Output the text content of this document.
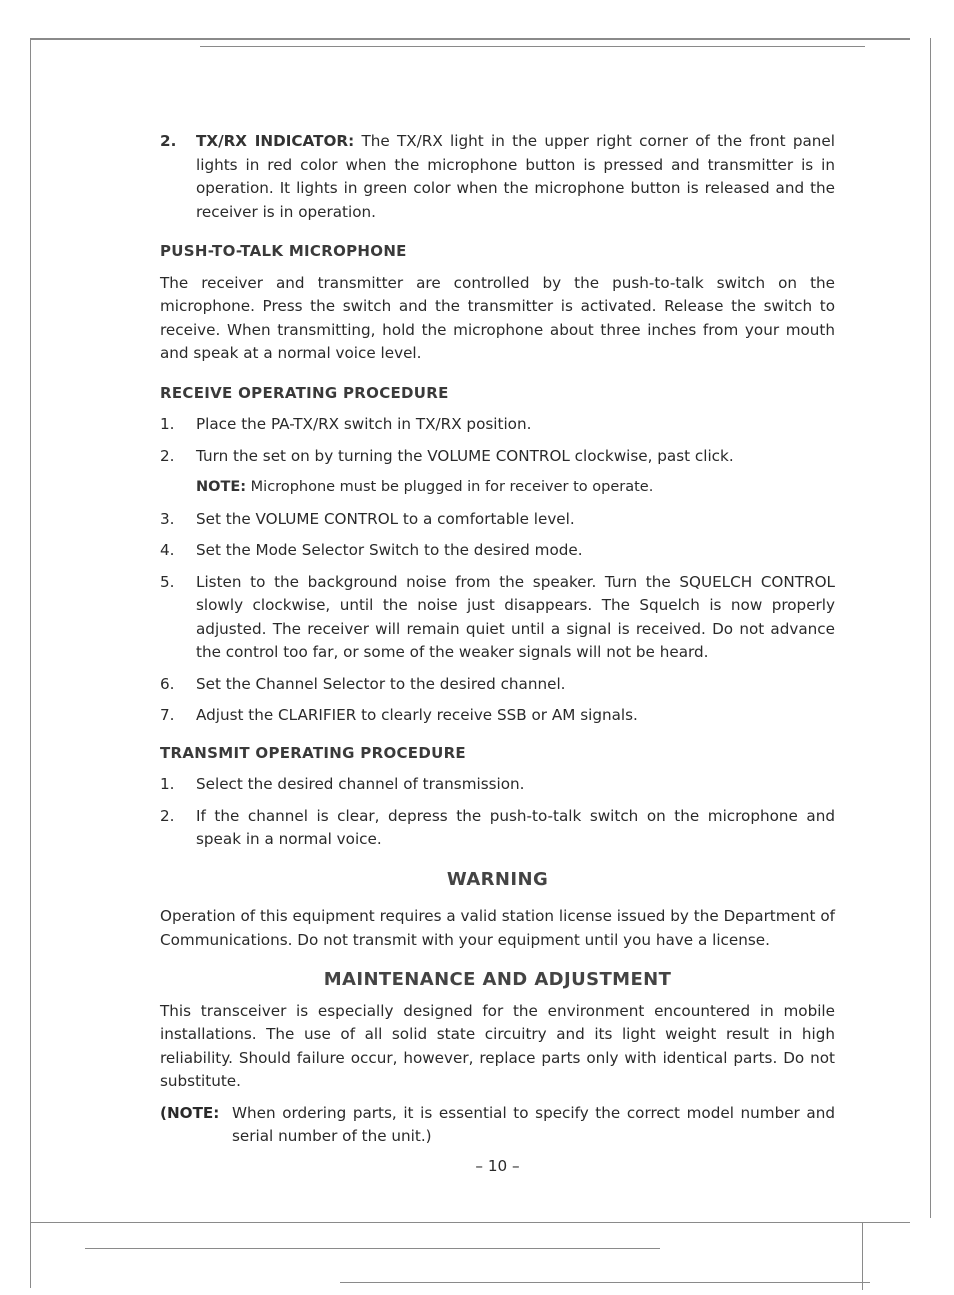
2.	TX/RX INDICATOR: The TX/RX light in the upper right corner of the front panel lights in red color when the microphone button is pressed and transmitter is in operation. It lights in green color when the microphone button is released and the receiver is in operation.
PUSH-TO-TALK MICROPHONE
The receiver and transmitter are controlled by the push-to-talk switch on the microphone. Press the switch and the transmitter is activated. Release the switch to receive. When transmitting, hold the microphone about three inches from your mouth and speak at a normal voice level.
RECEIVE OPERATING PROCEDURE
1.	Place the PA-TX/RX switch in TX/RX position.
2.	Turn the set on by turning the VOLUME CONTROL clockwise, past click.
NOTE: Microphone must be plugged in for receiver to operate.
3.	Set the VOLUME CONTROL to a comfortable level.
4.	Set the Mode Selector Switch to the desired mode.
5.	Listen to the background noise from the speaker. Turn the SQUELCH CONTROL slowly clockwise, until the noise just disappears. The Squelch is now properly adjusted. The receiver will remain quiet until a signal is received. Do not advance the control too far, or some of the weaker signals will not be heard.
6.	Set the Channel Selector to the desired channel.
7.	Adjust the CLARIFIER to clearly receive SSB or AM signals.
TRANSMIT OPERATING PROCEDURE
1.	Select the desired channel of transmission.
2.	If the channel is clear, depress the push-to-talk switch on the microphone and speak in a normal voice.
WARNING
Operation of this equipment requires a valid station license issued by the Department of Communications. Do not transmit with your equipment until you have a license.
MAINTENANCE AND ADJUSTMENT
This transceiver is especially designed for the environment encountered in mobile installations. The use of all solid state circuitry and its light weight result in high reliability. Should failure occur, however, replace parts only with identical parts. Do not substitute.
(NOTE: When ordering parts, it is essential to specify the correct model number and serial number of the unit.)
– 10 –
